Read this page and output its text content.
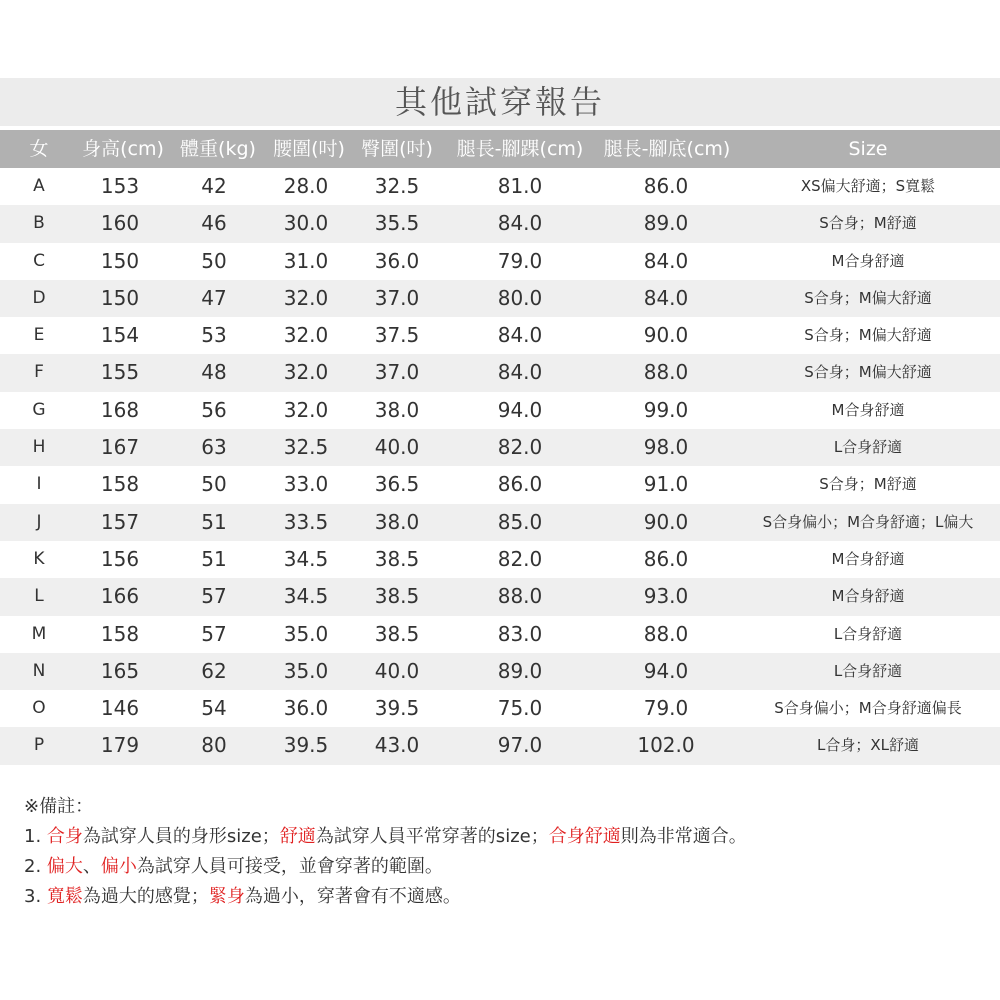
其他試穿報告
女	身高(cm) 體重(kg) 腰圍(吋) 臀圍(吋)	腿長-腳踝(cm) 腿長-腳底(cm)	Size
A	153	42	28.0	32.5	81.0	86.0	XS偏大舒適；S寬鬆
B	160	46	30.0	35.5	84.0	89.0	S合身；M舒適
C	150	50	31.0	36.0	79.0	84.0	M合身舒適
D	150	47	32.0	37.0	80.0	84.0	S合身；M偏大舒適
E	154	53	32.0	37.5	84.0	90.0	S合身；M偏大舒適
F	155	48	32.0	37.0	84.0	88.0	S合身；M偏大舒適
G	168	56	32.0	38.0	94.0	99.0	M合身舒適
H	167	63	32.5	40.0	82.0	98.0	L合身舒適
I	158	50	33.0	36.5	86.0	91.0	S合身；M舒適
J	157	51	33.5	38.0	85.0	90.0	S合身偏小；M合身舒適；L偏大
K	156	51	34.5	38.5	82.0	86.0	M合身舒適
L	166	57	34.5	38.5	88.0	93.0	M合身舒適
M	158	57	35.0	38.5	83.0	88.0	L合身舒適
N	165	62	35.0	40.0	89.0	94.0	L合身舒適
O	146	54	36.0	39.5	75.0	79.0	S合身偏小；M合身舒適偏長
P	179	80	39.5	43.0	97.0	102.0	L合身；XL舒適
※備註：
1. 合身為試穿人員的身形size；舒適為試穿人員平常穿著的size；合身舒適則為非常適合。
2. 偏大、偏小為試穿人員可接受，並會穿著的範圍。
3. 寬鬆為過大的感覺；緊身為過小，穿著會有不適感。
